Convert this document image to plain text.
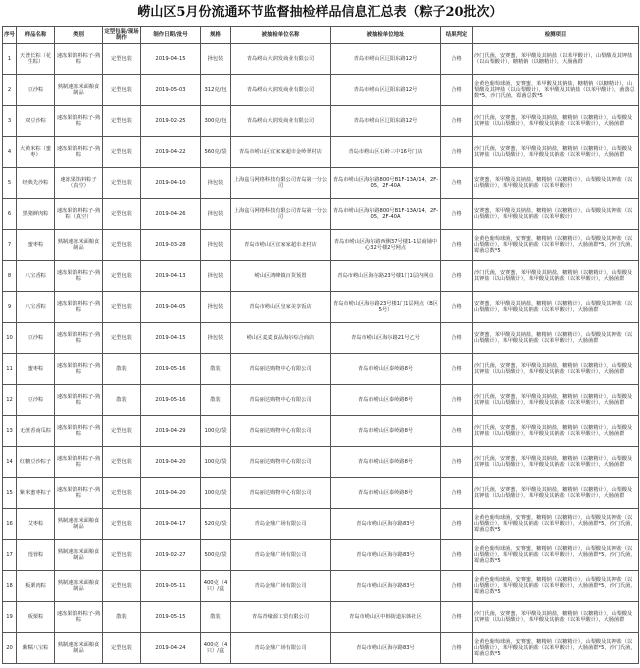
崂山区5月份流通环节监督抽检样品信息汇总表（粽子20批次）
序号	样品名称	类别	定型包装/现场制作	制作日期/批号	规格	被抽检单位名称	被抽检单位地址	结果判定	检测项目
1	天普长粽（花生粽）	速冻果馅料粽子-熟粽	定型包装	2019-04-15	择包装	青岛崂山大润发商业有限公司	青岛市崂山区辽阳东路12号	合格	沙门氏菌，安赛蜜，苯甲酸及其钠盐（以苯甲酸计），山梨酸及其钾盐（以山梨酸计），糖精钠（以糖精计），大肠菌群
2	豆沙粽	熟制速冻米面粮食制品	定型包装	2019-05-03	312克/包	青岛崂山大润发商业有限公司	青岛市崂山区辽阳东路12号	合格	金黄色葡萄球菌，安赛蜜，苯甲酸及其钠盐，糖精钠（以糖精计），山梨酸及其钾盐（以山梨酸计），苯甲酸及其钠盐（以苯甲酸计），菌落总数*5，沙门氏菌，霉菌总数*5
3	双豆沙粽	速冻果馅料粽子-熟粽	定型包装	2019-02-25	300克/包	青岛崂山大润发商业有限公司	青岛市崂山区辽阳东路12号	合格	沙门氏菌，安赛蜜，苯甲酸及其钠盐，糖精钠（以糖精计），山梨酸及其钾盐（以山梨酸计），苯甲酸及其钠盐（以苯甲酸计），大肠菌群
4	大黄米粽（蜜枣）	速冻果馅料粽子-熟粽	定型包装	2019-04-22	560克/袋	青岛市崂山区宜家家超市金岭翠村店	青岛市崂山区石岭三中16号门店	合格	沙门氏菌，安赛蜜，苯甲酸及其钠盐，糖精钠（以糖精计），山梨酸及其钾盐（以山梨酸计），苯甲酸及其钠盐（以苯甲酸计），大肠菌群
5	经典先沙粽	速冻果馅料粽子（真空）	定型包装	2019-04-10	择包装	上海盒马网络科技有限公司青岛第一分公司	青岛市崂山区海尔路800号B1F-13A/14，2F-05，2F-40A	合格	安赛蜜，苯甲酸及其钠盐，糖精钠（以糖精计），山梨酸及其钾盐（以山梨酸计），苯甲酸及其钠盐（以苯甲酸计）
6	黑猪鲜肉粽	速冻果馅料粽子-熟粽（真空）	定型包装	2019-04-26	择包装	上海盒马网络科技有限公司青岛第一分公司	青岛市崂山区海尔路800号B1F-13A/14，2F-05，2F-40A	合格	安赛蜜，苯甲酸及其钠盐，糖精钠（以糖精计），山梨酸及其钾盐（以山梨酸计），苯甲酸及其钠盐（以苯甲酸计）
7	蜜枣粽	熟制速冻米面粮食制品	定型包装	2019-03-28	择包装	青岛市崂山区宜家家超市北村店	青岛市崂山区海尔路西侧37号楼1-1层商铺中心32号楼2号网点	合格	金黄色葡萄球菌，安赛蜜，糖精钠（以糖精计），山梨酸及其钾盐（以山梨酸计），苯甲酸及其钠盐（以苯甲酸计），大肠菌群*5，沙门氏菌，霉菌总数*5
8	八宝香粽	速冻果馅料粽子-熟粽	定型包装	2019-04-13	择包装	崂山区鸿峰镇百货预置	青岛市崂山区海尔路23号楼1门1层内网点	合格	沙门氏菌，安赛蜜，苯甲酸及其钠盐，糖精钠（以糖精计），山梨酸及其钾盐（以山梨酸计），苯甲酸及其钠盐（以苯甲酸计），大肠菌群
9	八宝香粽	速冻果馅料粽子-熟粽	定型包装	2019-04-05	择包装	青岛市崂山区皇家美享饭店	青岛市崂山区海尔路23号楼1门1层网点（B区5号）	合格	安赛蜜，苯甲酸及其钠盐，糖精钠（以糖精计），山梨酸及其钾盐（以山梨酸计），苯甲酸及其钠盐（以苯甲酸计），大肠菌群
10	豆沙粽	速冻果馅料粽子-熟粽	定型包装	2019-04-15	择包装	崂山区麦麦食品海尔综合商店	青岛市崂山区海尔路21号乙号	合格	安赛蜜，苯甲酸及其钠盐，糖精钠（以糖精计），山梨酸及其钾盐（以山梨酸计），苯甲酸及其钠盐（以苯甲酸计），大肠菌群
11	蜜枣粽	速冻果馅料粽子-熟粽	散装	2019-05-16	散装	青岛丽达购物中心有限公司	青岛市崂山区泰岭路8号	合格	沙门氏菌，安赛蜜，苯甲酸及其钠盐，糖精钠（以糖精计），山梨酸及其钾盐（以山梨酸计），苯甲酸及其钠盐（以苯甲酸计），大肠菌群
12	豆沙粽	速冻果馅料粽子-熟粽	散装	2019-05-16	散装	青岛丽达购物中心有限公司	青岛市崂山区泰岭路8号	合格	沙门氏菌，安赛蜜，苯甲酸及其钠盐，糖精钠（以糖精计），山梨酸及其钾盐（以山梨酸计），苯甲酸及其钠盐（以苯甲酸计），大肠菌群
13	无蔗香南瓜粽	速冻果馅料粽子-熟粽	定型包装	2019-04-29	100克/袋	青岛丽达购物中心有限公司	青岛市崂山区泰岭路8号	合格	沙门氏菌，安赛蜜，苯甲酸及其钠盐，糖精钠（以糖精计），山梨酸及其钾盐（以山梨酸计），苯甲酸及其钠盐（以苯甲酸计），大肠菌群
14	红糖豆沙粽子	速冻果馅料粽子-熟粽	定型包装	2019-04-20	100克/袋	青岛丽达购物中心有限公司	青岛市崂山区泰岭路8号	合格	沙门氏菌，安赛蜜，苯甲酸及其钠盐，糖精钠（以糖精计），山梨酸及其钾盐（以山梨酸计），苯甲酸及其钠盐（以苯甲酸计），大肠菌群
15	紫米蜜枣粽子	速冻果馅料粽子-熟粽	定型包装	2019-04-20	100克/袋	青岛丽达购物中心有限公司	青岛市崂山区泰岭路8号	合格	沙门氏菌，安赛蜜，苯甲酸及其钠盐，糖精钠（以糖精计），山梨酸及其钾盐（以山梨酸计），苯甲酸及其钠盐（以苯甲酸计），大肠菌群
16	艾枣粽	熟制速冻米面粮食制品	定型包装	2019-04-17	520克/袋	青岛金鼎广场有限公司	青岛市崂山区海尔路83号	合格	金黄色葡萄球菌，安赛蜜，糖精钠（以糖精计），山梨酸及其钾盐（以山梨酸计），苯甲酸及其钠盐（以苯甲酸计），大肠菌群*5，沙门氏菌，霉菌总数*5
17	莲蓉粽	熟制速冻米面粮食制品	定型包装	2019-02-27	500克/袋	青岛金鼎广场有限公司	青岛市崂山区海尔路83号	合格	金黄色葡萄球菌，安赛蜜，糖精钠（以糖精计），山梨酸及其钾盐（以山梨酸计），苯甲酸及其钠盐（以苯甲酸计），大肠菌群*5，沙门氏菌，霉菌总数*5
18	板栗肉粽	熟制速冻米面粮食制品	定型包装	2019-05-11	400克（4只）/盒	青岛金鼎广场有限公司	青岛市崂山区海尔路83号	合格	金黄色葡萄球菌，安赛蜜，糖精钠（以糖精计），山梨酸及其钾盐（以山梨酸计），苯甲酸及其钠盐（以苯甲酸计），大肠菌群*5，沙门氏菌，霉菌总数*5
19	板栗粽	速冻果馅料粽子-熟粽	散装	2019-05-15	散装	青岛青缘源工贸有限公司	青岛市崂山区中韩街道东韩社区	合格	沙门氏菌，安赛蜜，苯甲酸及其钠盐，糖精钠（以糖精计），山梨酸及其钾盐（以山梨酸计），苯甲酸及其钠盐（以苯甲酸计），大肠菌群
20	紫糯八宝粽	熟制速冻米面粮食制品	定型包装	2019-04-24	400克（4只）/盒	青岛金鼎广场有限公司	青岛市崂山区海尔路83号	合格	金黄色葡萄球菌，安赛蜜，糖精钠（以糖精计），山梨酸及其钾盐（以山梨酸计），苯甲酸及其钠盐（以苯甲酸计），大肠菌群*5，沙门氏菌，霉菌总数*5
